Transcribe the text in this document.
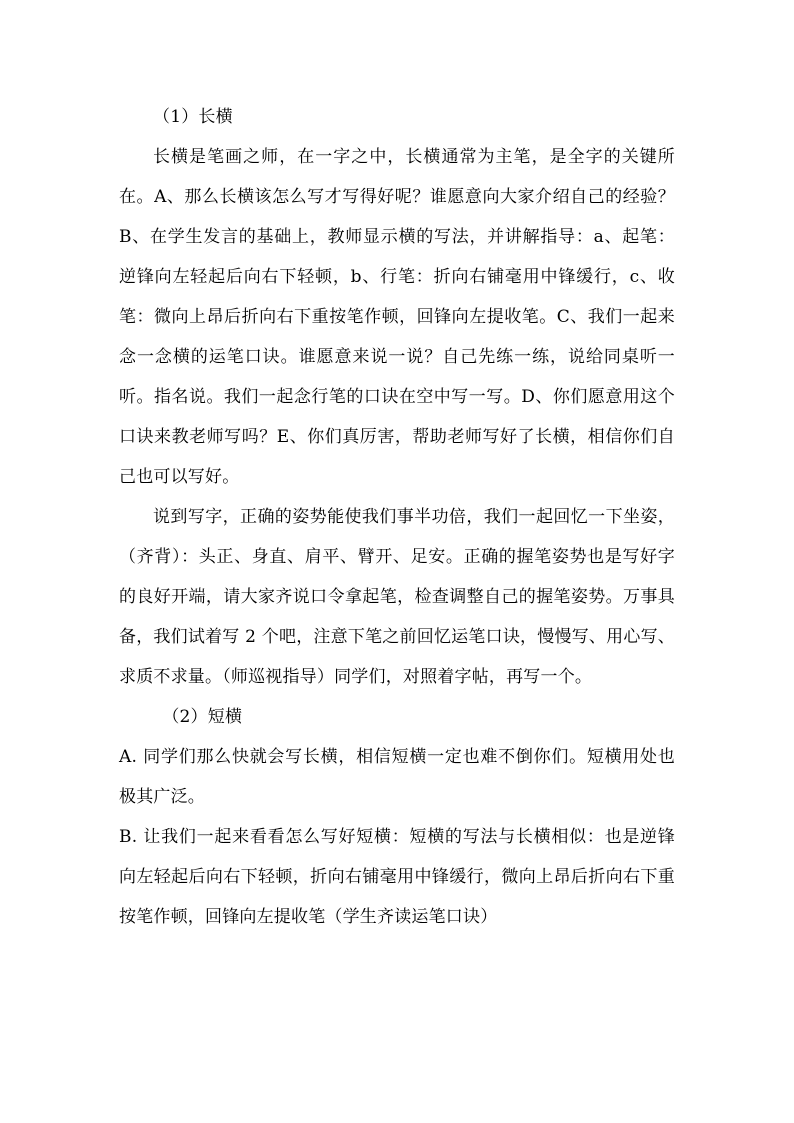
（1）长横

长横是笔画之师，在一字之中，长横通常为主笔，是全字的关键所在。A、那么长横该怎么写才写得好呢？谁愿意向大家介绍自己的经验？B、在学生发言的基础上，教师显示横的写法，并讲解指导：a、起笔：逆锋向左轻起后向右下轻顿，b、行笔：折向右铺毫用中锋缓行，c、收笔：微向上昂后折向右下重按笔作顿，回锋向左提收笔。C、我们一起来念一念横的运笔口诀。谁愿意来说一说？自己先练一练，说给同桌听一听。指名说。我们一起念行笔的口诀在空中写一写。D、你们愿意用这个口诀来教老师写吗？E、你们真厉害，帮助老师写好了长横，相信你们自己也可以写好。

说到写字，正确的姿势能使我们事半功倍，我们一起回忆一下坐姿，（齐背）：头正、身直、肩平、臂开、足安。正确的握笔姿势也是写好字的良好开端，请大家齐说口令拿起笔，检查调整自己的握笔姿势。万事具备，我们试着写 2 个吧，注意下笔之前回忆运笔口诀，慢慢写、用心写、求质不求量。（师巡视指导）同学们，对照着字帖，再写一个。

（2）短横

A. 同学们那么快就会写长横，相信短横一定也难不倒你们。短横用处也极其广泛。

B. 让我们一起来看看怎么写好短横：短横的写法与长横相似：也是逆锋向左轻起后向右下轻顿，折向右铺毫用中锋缓行，微向上昂后折向右下重按笔作顿，回锋向左提收笔（学生齐读运笔口诀）
